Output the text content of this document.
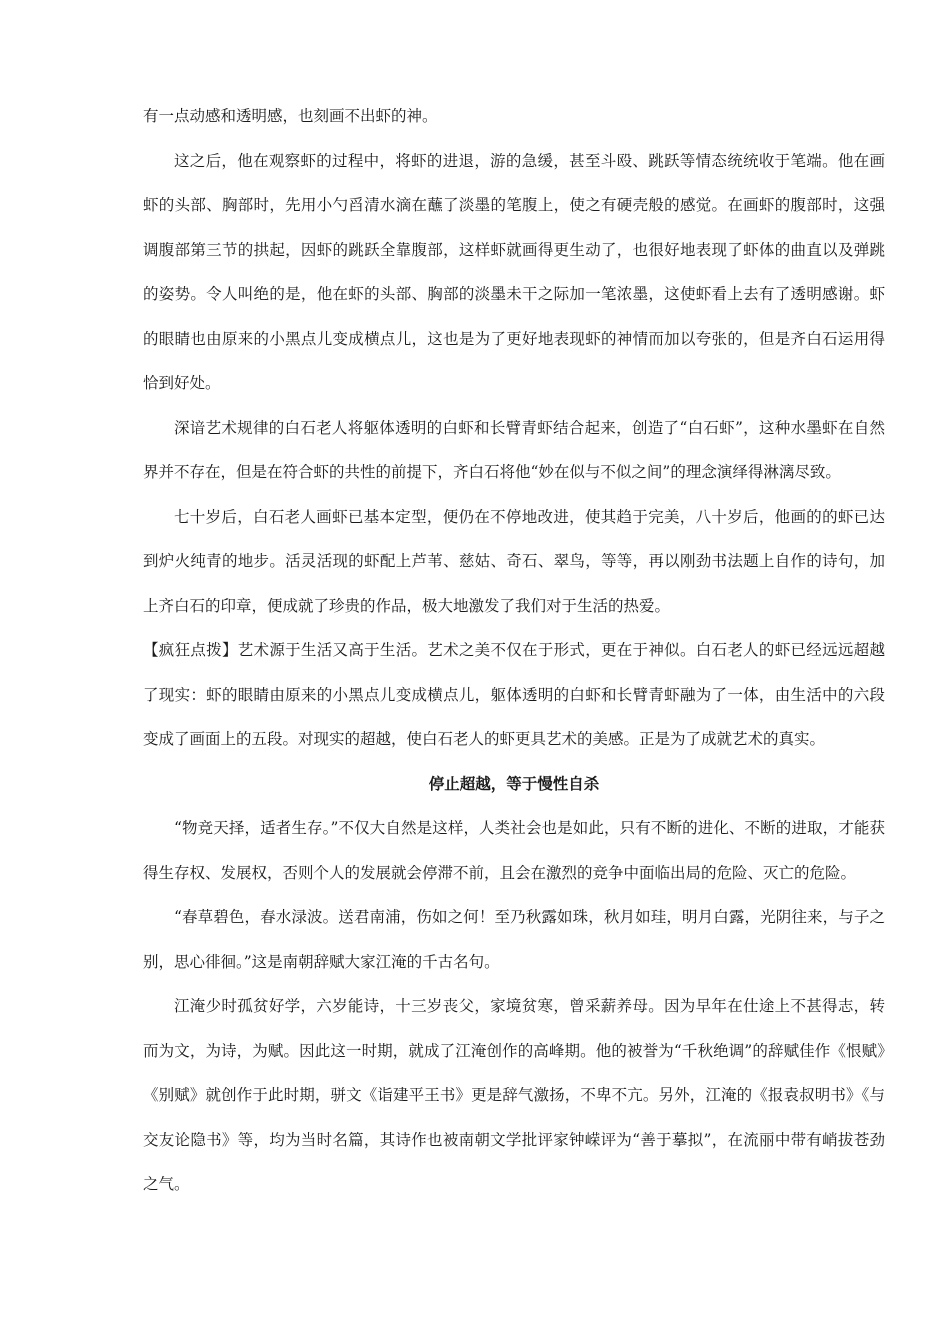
有一点动感和透明感，也刻画不出虾的神。

这之后，他在观察虾的过程中，将虾的进退，游的急缓，甚至斗殴、跳跃等情态统统收于笔端。他在画虾的头部、胸部时，先用小勺舀清水滴在蘸了淡墨的笔腹上，使之有硬壳般的感觉。在画虾的腹部时，这强调腹部第三节的拱起，因虾的跳跃全靠腹部，这样虾就画得更生动了，也很好地表现了虾体的曲直以及弹跳的姿势。令人叫绝的是，他在虾的头部、胸部的淡墨未干之际加一笔浓墨，这使虾看上去有了透明感谢。虾的眼睛也由原来的小黑点儿变成横点儿，这也是为了更好地表现虾的神情而加以夸张的，但是齐白石运用得恰到好处。

深谙艺术规律的白石老人将躯体透明的白虾和长臂青虾结合起来，创造了“白石虾”，这种水墨虾在自然界并不存在，但是在符合虾的共性的前提下，齐白石将他“妙在似与不似之间”的理念演绎得淋漓尽致。

七十岁后，白石老人画虾已基本定型，便仍在不停地改进，使其趋于完美，八十岁后，他画的的虾已达到炉火纯青的地步。活灵活现的虾配上芦苇、慈姑、奇石、翠鸟，等等，再以刚劲书法题上自作的诗句，加上齐白石的印章，便成就了珍贵的作品，极大地激发了我们对于生活的热爱。

【疯狂点拨】艺术源于生活又高于生活。艺术之美不仅在于形式，更在于神似。白石老人的虾已经远远超越了现实：虾的眼睛由原来的小黑点儿变成横点儿，躯体透明的白虾和长臂青虾融为了一体，由生活中的六段变成了画面上的五段。对现实的超越，使白石老人的虾更具艺术的美感。正是为了成就艺术的真实。

停止超越，等于慢性自杀

“物竞天择，适者生存。”不仅大自然是这样，人类社会也是如此，只有不断的进化、不断的进取，才能获得生存权、发展权，否则个人的发展就会停滞不前，且会在激烈的竞争中面临出局的危险、灭亡的危险。

“春草碧色，春水渌波。送君南浦，伤如之何！至乃秋露如珠，秋月如珪，明月白露，光阴往来，与子之别，思心徘徊。”这是南朝辞赋大家江淹的千古名句。

江淹少时孤贫好学，六岁能诗，十三岁丧父，家境贫寒，曾采薪养母。因为早年在仕途上不甚得志，转而为文，为诗，为赋。因此这一时期，就成了江淹创作的高峰期。他的被誉为“千秋绝调”的辞赋佳作《恨赋》《别赋》就创作于此时期，骈文《诣建平王书》更是辞气激扬，不卑不亢。另外，江淹的《报袁叔明书》《与交友论隐书》等，均为当时名篇，其诗作也被南朝文学批评家钟嵘评为“善于摹拟”，在流丽中带有峭拔苍劲之气。
